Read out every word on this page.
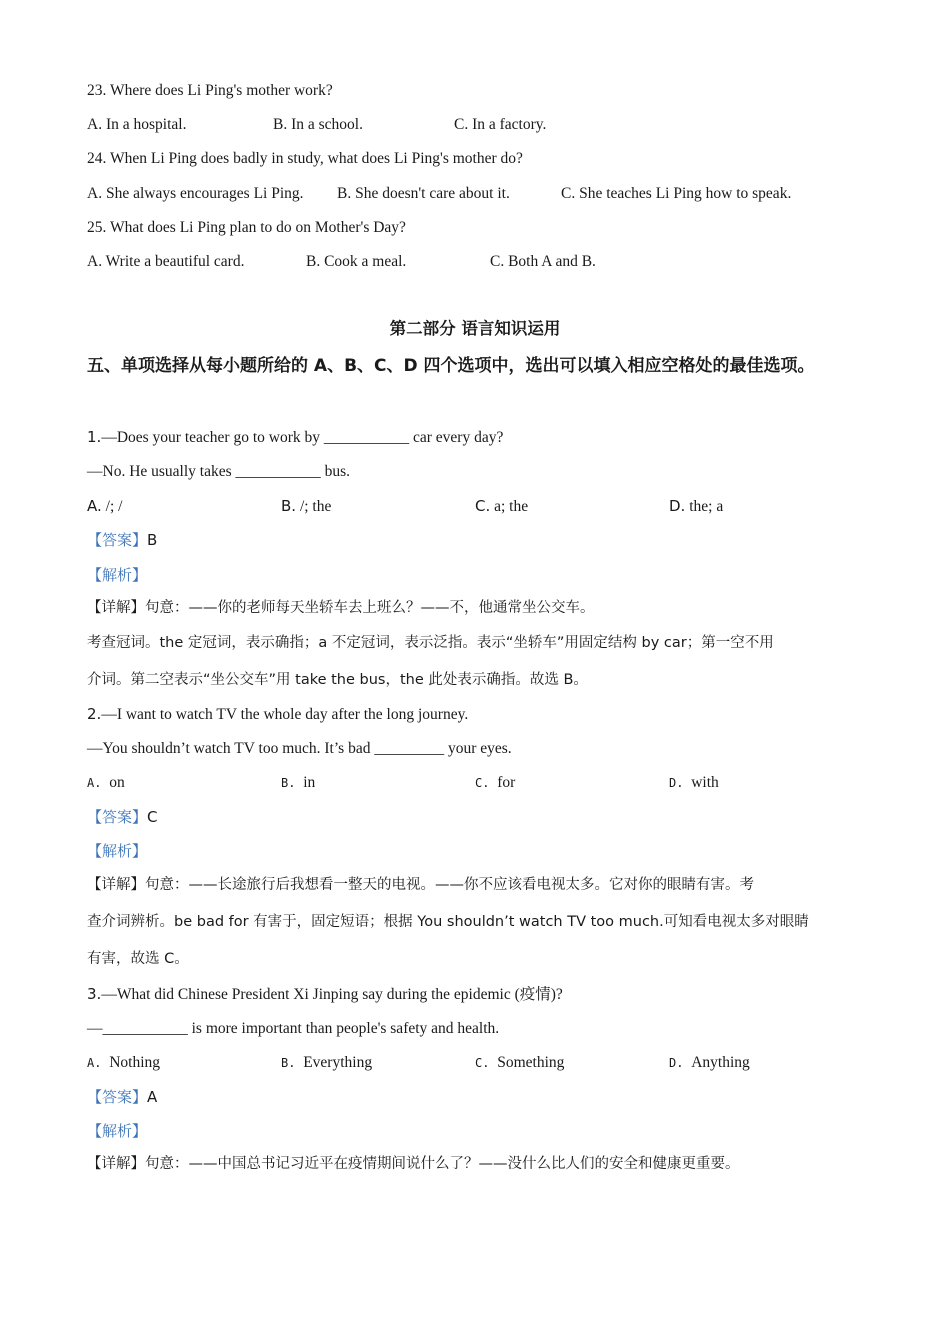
23. Where does Li Ping's mother work?
A. In a hospital.	B. In a school.	C. In a factory.
24. When Li Ping does badly in study, what does Li Ping's mother do?
A. She always encourages Li Ping. B. She doesn't care about it.	C. She teaches Li Ping how to speak.
25. What does Li Ping plan to do on Mother's Day?
A. Write a beautiful card.	B. Cook a meal.	C. Both A and B.
第二部分 语言知识运用
五、单项选择从每小题所给的 A、B、C、D 四个选项中，选出可以填入相应空格处的最佳选项。
1.—Does your teacher go to work by ___________ car every day?
—No. He usually takes ___________ bus.
A. /; /	B. /; the	C. a; the	D. the; a
【答案】B
【解析】
【详解】句意：——你的老师每天坐轿车去上班么？——不，他通常坐公交车。
考查冠词。the 定冠词，表示确指；a 不定冠词，表示泛指。表示“坐轿车”用固定结构 by car；第一空不用
介词。第二空表示“坐公交车”用 take the bus，the 此处表示确指。故选 B。
2.—I want to watch TV the whole day after the long journey.
—You shouldn’t watch TV too much. It’s bad _________ your eyes.
A. on	B. in	C. for	D. with
【答案】C
【解析】
【详解】句意：——长途旅行后我想看一整天的电视。——你不应该看电视太多。它对你的眼睛有害。考
查介词辨析。be bad for 有害于，固定短语；根据 You shouldn’t watch TV too much.可知看电视太多对眼睛
有害，故选 C。
3.—What did Chinese President Xi Jinping say during the epidemic (疫情)?
—___________ is more important than people's safety and health.
A. Nothing	B. Everything	C. Something	D. Anything
【答案】A
【解析】
【详解】句意：——中国总书记习近平在疫情期间说什么了？——没什么比人们的安全和健康更重要。
